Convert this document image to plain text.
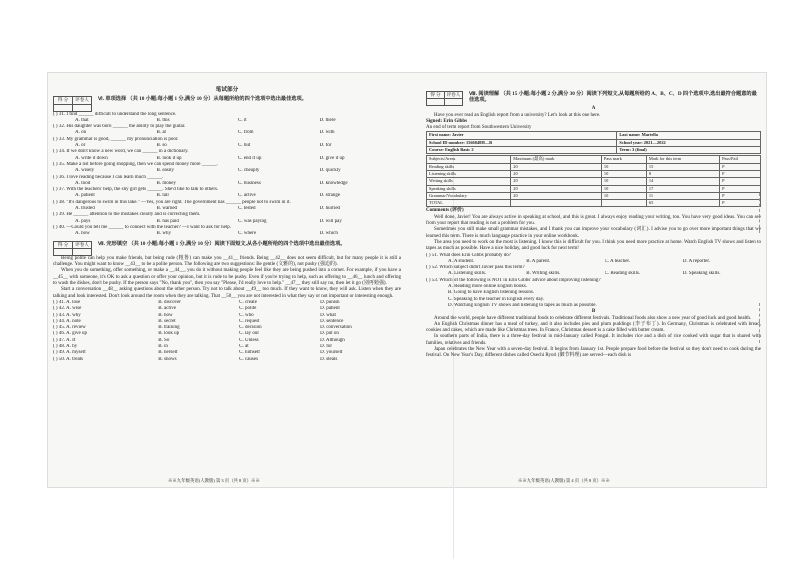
笔试部分
得 分	评卷人
	Ⅵ. 单项选择 （共 10 小题;每小题 1 分,满分 10 分）从每题所给的四个选项中选出最佳选项。
( ) 31. I find ______ difficult to understand the long sentence.
A. that	B. this	C. it	D. there
( ) 32. His daughter was born ______ the ability to play the guitar.
A. on	B. at	C. from	D. with
( ) 33. My grammar is good, ______ my pronunciation is poor.
A. or	B. so	C. but	D. for
( ) 34. If we don't know a new word, we can ______ in a dictionary.
A. write it down	B. look it up	C. end it up	D. give it up
( ) 35. Make a list before going shopping, then we can spend money more ______.
A. wisely	B. easily	C. cheaply	D. quickly
( ) 36. I love reading because I can learn much ______.
A. food	B. money	C. business	D. knowledge
( ) 37. With the teachers' help, the shy girl gets ______. She'd like to talk to others.
A. patient	B. tall	C. active	D. strange
( ) 38. "It's dangerous to swim in this lake." —Yes, you are right. The government has ______ people not to swim in it.
A. trusted	B. warned	C. tested	D. hurried
( ) 39. He ______ attention to the mistakes clearly and is correcting them.
A. pays	B. has paid	C. was paying	D. will pay
( ) 40. —Could you tell me ______ to connect with the teacher? —I want to ask for help.
A. how	B. why	C. where	D. which
得 分	评卷人
	Ⅶ. 完形填空 （共 10 小题;每小题 1 分,满分 10 分）阅读下面短文,从各小题所给的四个选项中选出最佳选项。
Being polite can help you make friends, but being rude (粗鲁) can make you __41__ friends. Being __42__ does not seem difficult, but for many people it is still a challenge. You might want to know __43__ to be a polite person. The following are two suggestions: Be gentle (文雅的), not pushy (强迫的).
When you do something, offer something, or make a __44__, you do it without making people feel like they are being pushed into a corner. For example, if you have a __45__ with someone, it's OK to ask a question or offer your opinion, but it is rude to be pushy. Even if you're trying to help, such as offering to __46__ lunch and offering to wash the dishes, don't be pushy. If the person says "No, thank you", then you say "Please, I'd really love to help." __47__ they still say no, then let it go (别再勉强).
Start a conversation __48__ asking questions about the other person. Try not to talk about __49__ too much. If they want to know, they will ask. Listen when they are talking and look interested. Don't look around the room when they are talking. That __50__ you are not interested in what they say or not important or interesting enough.
( ) 41. A. lose	B. discover	C. create	D. punish
( ) 42. A. wise	B. active	C. polite	D. patient
( ) 43. A. why	B. how	C. who	D. what
( ) 44. A. note	B. secret	C. request	D. sentence
( ) 45. A. review	B. training	C. decision	D. conversation
( ) 46. A. give up	B. look up	C. lay out	D. put on
( ) 47. A. If	B. So	C. Unless	D. Although
( ) 48. A. by	B. in	C. at	D. for
( ) 49. A. myself	B. herself	C. himself	D. yourself
( ) 50. A. treats	B. shows	C. causes	D. steals
※※九年级英语(人教版) 第 3 页（共 8 页）※※
得 分	评卷人
	Ⅷ. 阅读理解 （共 15 小题;每小题 2 分,满分 30 分）阅读下列短文,从每题所给的 A、B、C、D 四个选项中,选出最符合题意的最佳选项。
A
Have you ever read an English report from a university? Let's look at this one here.
Signed: Erin Gibbs
An end of term report from Southwestern University
First name: Javier	Last name: Martella
School ID number: 1566048H—B	School year: 2021—2022
Course: English Basic 2	Term: 3 (final)
Subjects/Areas	Maximum (最高) mark	Pass mark	Mark for this term	Pass/Fail
Reading skills	20	10	15	P
Listening skills	20	10	8	F
Writing skills	20	10	14	P
Speaking skills	20	10	17	P
Grammar/Vocabulary	20	10	11	P
TOTAL			65	P
Comments (评价)
Well done, Javier! You are always active in speaking at school, and this is great. I always enjoy reading your writing, too. You have very good ideas. You can see from your report that reading is not a problem for you.
Sometimes you still make small grammar mistakes, and I thank you can improve your vocabulary (词汇). I advise you to go over more important things that we learned this term. There is much language practice in your online workbook.
The area you need to work on the most is listening. I know this is difficult for you. I think you need more practice at home. Watch English TV shows and listen to tapes as much as possible. Have a nice holiday, and good luck for next term!
( ) 51. What does Erin Gibbs probably do?
A. A student.	B. A parent.	C. A teacher.	D. A reporter.
( ) 52. Which subject didn't Javier pass this term?
A. Listening skills.	B. Writing skills.	C. Reading skills.	D. Speaking skills.
( ) 53. Which of the following is NOT in Erin Gibbs' advice about improving listening?
A. Reading more online English books.
B. Going to have English listening lessons.
C. Speaking to the teacher in English every day.
D. Watching English TV shows and listening to tapes as much as possible.
B
Around the world, people have different traditional foods to celebrate different festivals. Traditional foods also show a new year of good luck and good health.
An English Christmas dinner has a meal of turkey, and it also includes pies and plum puddings (李子布丁). In Germany, Christmas is celebrated with bread, cookies and cakes, which are made like Christmas trees. In France, Christmas dessert is a cake filled with butter cream.
In southern parts of India, there is a three-day festival in mid-January called Pongal. It includes rice and a dish of rice cooked with sugar that is shared with families, relatives and friends.
Japan celebrates the New Year with a seven-day festival. It begins from January 1st. People prepare food before the festival so they don't need to cook during the festival. On New Year's Day, different dishes called Osechi Ryori (御节料理) are served—each dish is
※※九年级英语(人教版) 第 4 页（共 8 页）※※
